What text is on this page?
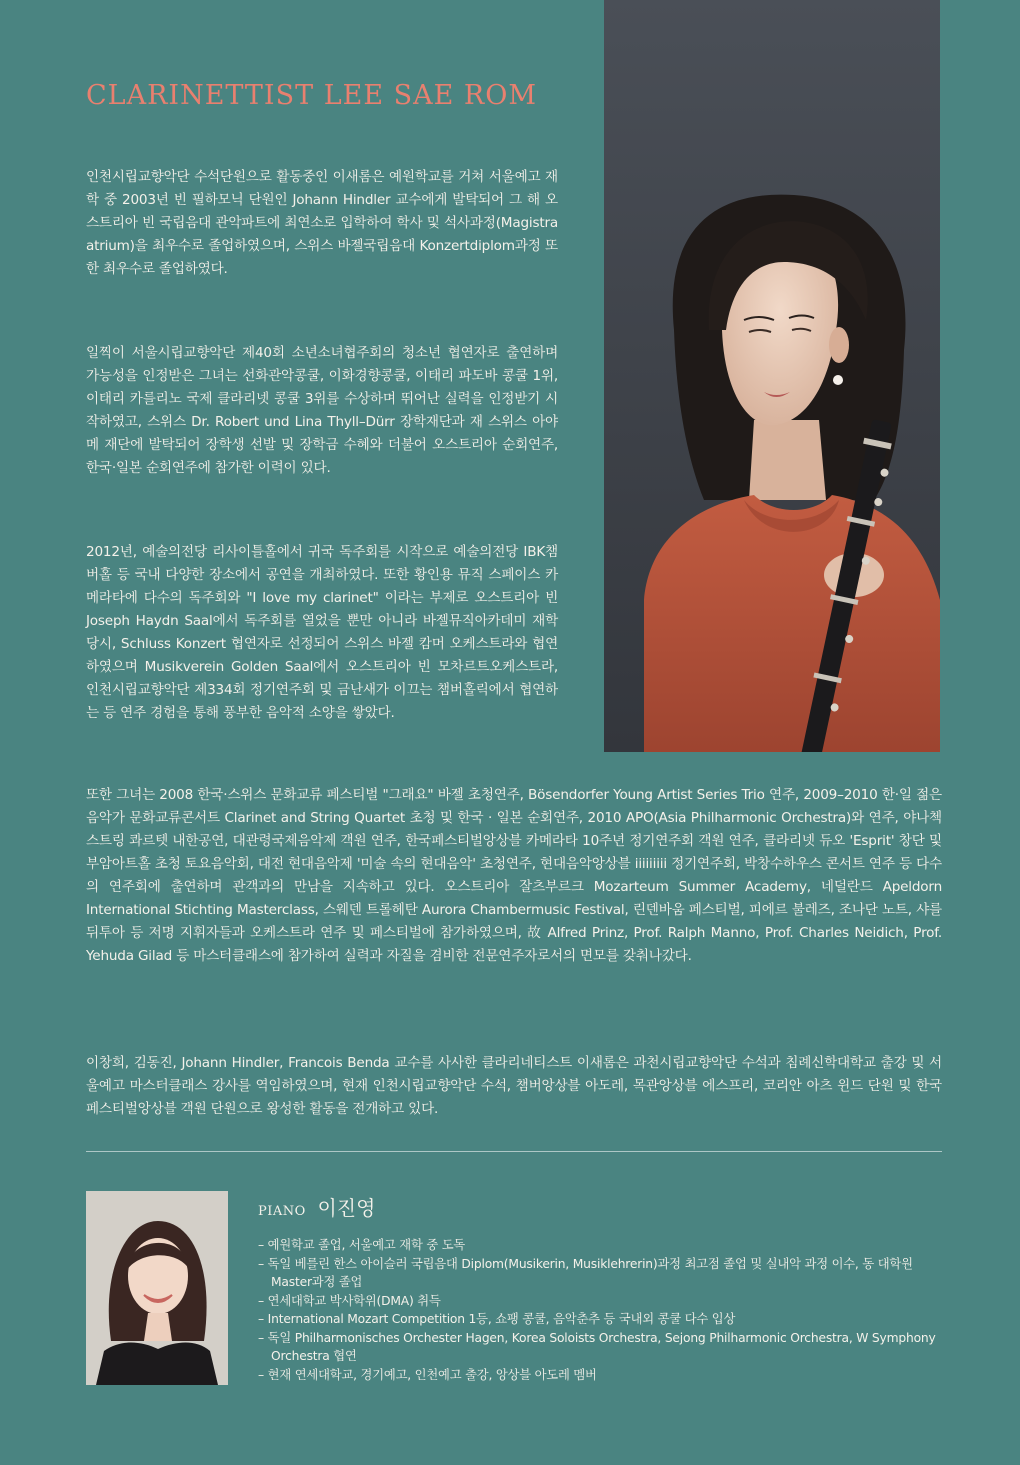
CLARINETTIST LEE SAE ROM

인천시립교향악단 수석단원으로 활동중인 이새롬은 예원학교를 거쳐 서울예고 재학 중 2003년 빈 필하모닉 단원인 Johann Hindler 교수에게 발탁되어 그 해 오스트리아 빈 국립음대 관악파트에 최연소로 입학하여 학사 및 석사과정(Magistra atrium)을 최우수로 졸업하였으며, 스위스 바젤국립음대 Konzertdiplom과정 또한 최우수로 졸업하였다.

일찍이 서울시립교향악단 제40회 소년소녀협주회의 청소년 협연자로 출연하며 가능성을 인정받은 그녀는 선화관악콩쿨, 이화경향콩쿨, 이태리 파도바 콩쿨 1위, 이태리 카를리노 국제 클라리넷 콩쿨 3위를 수상하며 뛰어난 실력을 인정받기 시작하였고, 스위스 Dr. Robert und Lina Thyll–Dürr 장학재단과 재 스위스 아야메 재단에 발탁되어 장학생 선발 및 장학금 수혜와 더불어 오스트리아 순회연주, 한국·일본 순회연주에 참가한 이력이 있다.

2012년, 예술의전당 리사이틀홀에서 귀국 독주회를 시작으로 예술의전당 IBK챔버홀 등 국내 다양한 장소에서 공연을 개최하였다. 또한 황인용 뮤직 스페이스 카메라타에 다수의 독주회와 "I love my clarinet" 이라는 부제로 오스트리아 빈 Joseph Haydn Saal에서 독주회를 열었을 뿐만 아니라 바젤뮤직아카데미 재학 당시, Schluss Konzert 협연자로 선정되어 스위스 바젤 캄머 오케스트라와 협연하였으며 Musikverein Golden Saal에서 오스트리아 빈 모차르트오케스트라, 인천시립교향악단 제334회 정기연주회 및 금난새가 이끄는 챔버홀릭에서 협연하는 등 연주 경험을 통해 풍부한 음악적 소양을 쌓았다.

또한 그녀는 2008 한국·스위스 문화교류 페스티벌 "그래요" 바젤 초청연주, Bösendorfer Young Artist Series Trio 연주, 2009–2010 한·일 젊은음악가 문화교류콘서트 Clarinet and String Quartet 초청 및 한국 · 일본 순회연주, 2010 APO(Asia Philharmonic Orchestra)와 연주, 야나첵 스트링 콰르텟 내한공연, 대관령국제음악제 객원 연주, 한국페스티벌앙상블 카메라타 10주년 정기연주회 객원 연주, 클라리넷 듀오 'Esprit' 창단 및 부암아트홀 초청 토요음악회, 대전 현대음악제 '미술 속의 현대음악' 초청연주, 현대음악앙상블 iiiiiiiii 정기연주회, 박창수하우스 콘서트 연주 등 다수의 연주회에 출연하며 관객과의 만남을 지속하고 있다. 오스트리아 잘츠부르크 Mozarteum Summer Academy, 네덜란드 Apeldorn International Stichting Masterclass, 스웨덴 트롤헤탄 Aurora Chambermusic Festival, 린덴바움 페스티벌, 피에르 불레즈, 조나단 노트, 샤를 뒤투아 등 저명 지휘자들과 오케스트라 연주 및 페스티벌에 참가하였으며, 故 Alfred Prinz, Prof. Ralph Manno, Prof. Charles Neidich, Prof. Yehuda Gilad 등 마스터클래스에 참가하여 실력과 자질을 겸비한 전문연주자로서의 면모를 갖춰나갔다.

이창희, 김동진, Johann Hindler, Francois Benda 교수를 사사한 클라리네티스트 이새롬은 과천시립교향악단 수석과 침례신학대학교 출강 및 서울예고 마스터클래스 강사를 역임하였으며, 현재 인천시립교향악단 수석, 챔버앙상블 아도레, 목관앙상블 에스프리, 코리안 아츠 윈드 단원 및 한국페스티벌앙상블 객원 단원으로 왕성한 활동을 전개하고 있다.

PIANO 이진영
– 예원학교 졸업, 서울예고 재학 중 도독
– 독일 베를린 한스 아이슬러 국립음대 Diplom(Musikerin, Musiklehrerin)과정 최고점 졸업 및 실내악 과정 이수, 동 대학원 Master과정 졸업
– 연세대학교 박사학위(DMA) 취득
– International Mozart Competition 1등, 쇼팽 콩쿨, 음악춘추 등 국내외 콩쿨 다수 입상
– 독일 Philharmonisches Orchester Hagen, Korea Soloists Orchestra, Sejong Philharmonic Orchestra, W Symphony Orchestra 협연
– 현재 연세대학교, 경기예고, 인천예고 출강, 앙상블 아도레 멤버
